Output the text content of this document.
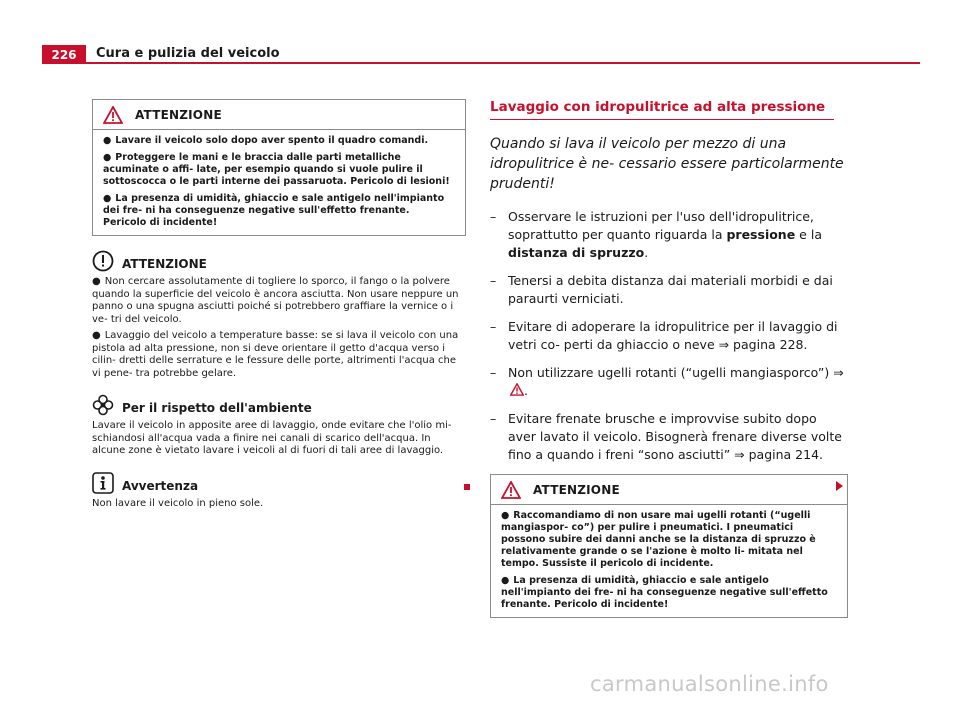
226	Cura e pulizia del veicolo
ATTENZIONE

● Lavare il veicolo solo dopo aver spento il quadro comandi.

● Proteggere le mani e le braccia dalle parti metalliche acuminate o affi- late, per esempio quando si vuole pulire il sottoscocca o le parti interne dei passaruota. Pericolo di lesioni!

● La presenza di umidità, ghiaccio e sale antigelo nell'impianto dei fre- ni ha conseguenze negative sull'effetto frenante. Pericolo di incidente!

ATTENZIONE

● Non cercare assolutamente di togliere lo sporco, il fango o la polvere quando la superficie del veicolo è ancora asciutta. Non usare neppure un panno o una spugna asciutti poiché si potrebbero graffiare la vernice o i ve- tri del veicolo.

● Lavaggio del veicolo a temperature basse: se si lava il veicolo con una pistola ad alta pressione, non si deve orientare il getto d'acqua verso i cilin- dretti delle serrature e le fessure delle porte, altrimenti l'acqua che vi pene- tra potrebbe gelare.

Per il rispetto dell'ambiente

Lavare il veicolo in apposite aree di lavaggio, onde evitare che l'olio mi- schiandosi all'acqua vada a finire nei canali di scarico dell'acqua. In alcune zone è vietato lavare i veicoli al di fuori di tali aree di lavaggio.

Avvertenza

Non lavare il veicolo in pieno sole.

Lavaggio con idropulitrice ad alta pressione
Quando si lava il veicolo per mezzo di una idropulitrice è ne- cessario essere particolarmente prudenti!
– Osservare le istruzioni per l'uso dell'idropulitrice, soprattutto per quanto riguarda la pressione e la distanza di spruzzo.
– Tenersi a debita distanza dai materiali morbidi e dai paraurti verniciati.
– Evitare di adoperare la idropulitrice per il lavaggio di vetri co- perti da ghiaccio o neve ⇒ pagina 228.
– Non utilizzare ugelli rotanti (“ugelli mangiasporco”) ⇒ .
– Evitare frenate brusche e improvvise subito dopo aver lavato il veicolo. Bisognerà frenare diverse volte fino a quando i freni “sono asciutti” ⇒ pagina 214.
ATTENZIONE

● Raccomandiamo di non usare mai ugelli rotanti (“ugelli mangiaspor- co”) per pulire i pneumatici. I pneumatici possono subire dei danni anche se la distanza di spruzzo è relativamente grande o se l'azione è molto li- mitata nel tempo. Sussiste il pericolo di incidente.

● La presenza di umidità, ghiaccio e sale antigelo nell'impianto dei fre- ni ha conseguenze negative sull'effetto frenante. Pericolo di incidente!

carmanualsonline.info
